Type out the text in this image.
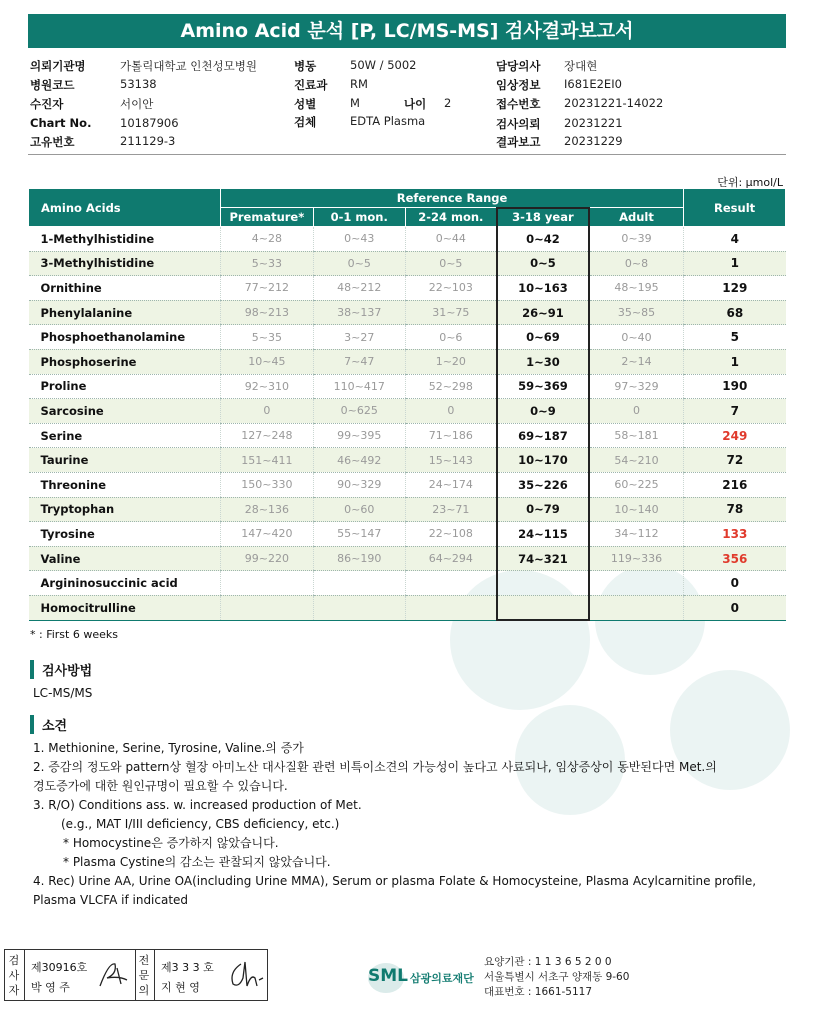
Amino Acid 분석 [P, LC/MS-MS] 검사결과보고서
의뢰기관명	가톨릭대학교 인천성모병원
병원코드	53138
수진자	서이안
Chart No. 10187906
고유번호	211129-3
병동	50W / 5002
진료과 RM
성별	M	나이 2
검체	EDTA Plasma
담당의사 장대현
임상정보 I681E2EI0
접수번호 20231221-14022
검사의뢰 20231221
결과보고 20231229
단위: μmol/L
Amino Acids	Reference Range					Result
	Premature*	0-1 mon.	2-24 mon.	3-18 year	Adult	
1-Methylhistidine	4~28	0~43	0~44	0~42	0~39	4
3-Methylhistidine	5~33	0~5	0~5	0~5	0~8	1
Ornithine	77~212	48~212	22~103	10~163	48~195	129
Phenylalanine	98~213	38~137	31~75	26~91	35~85	68
Phosphoethanolamine	5~35	3~27	0~6	0~69	0~40	5
Phosphoserine	10~45	7~47	1~20	1~30	2~14	1
Proline	92~310	110~417	52~298	59~369	97~329	190
Sarcosine	0	0~625	0	0~9	0	7
Serine	127~248	99~395	71~186	69~187	58~181	249
Taurine	151~411	46~492	15~143	10~170	54~210	72
Threonine	150~330	90~329	24~174	35~226	60~225	216
Tryptophan	28~136	0~60	23~71	0~79	10~140	78
Tyrosine	147~420	55~147	22~108	24~115	34~112	133
Valine	99~220	86~190	64~294	74~321	119~336	356
Argininosuccinic acid						0
Homocitrulline						0
* : First 6 weeks
검사방법
LC-MS/MS
소견
1. Methionine, Serine, Tyrosine, Valine.의 증가
2. 증감의 정도와 pattern상 혈장 아미노산 대사질환 관련 비특이소견의 가능성이 높다고 사료되나, 임상증상이 동반된다면 Met.의
경도증가에 대한 원인규명이 필요할 수 있습니다.
3. R/O) Conditions ass. w. increased production of Met.
(e.g., MAT I/III deficiency, CBS deficiency, etc.)
* Homocystine은 증가하지 않았습니다.
* Plasma Cystine의 감소는 관찰되지 않았습니다.
4. Rec) Urine AA, Urine OA(including Urine MMA), Serum or plasma Folate & Homocysteine, Plasma Acylcarnitine profile,
Plasma VLCFA if indicated
검사자
제30916호
박 영 주
전문의
제3 3 3 호
지 현 영
SML 삼광의료재단
요양기관 : 1 1 3 6 5 2 0 0
서울특별시 서초구 양재동 9-60
대표번호 : 1661-5117
